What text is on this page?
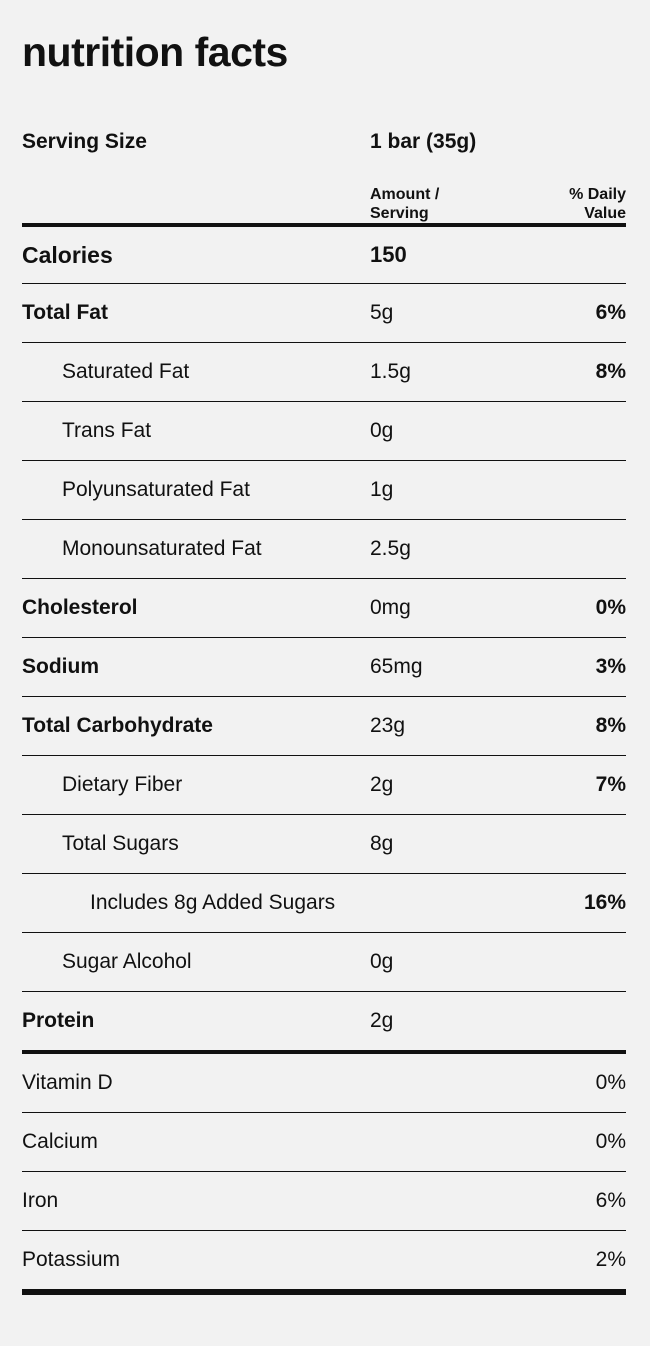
nutrition facts
Serving Size	1 bar (35g)	

Amount /
Serving

% Daily
Value

Calories	150	
Total Fat	5g	6%
Saturated Fat	1.5g	8%
Trans Fat	0g	
Polyunsaturated Fat	1g	
Monounsaturated Fat	2.5g	
Cholesterol	0mg	0%
Sodium	65mg	3%
Total Carbohydrate	23g	8%
Dietary Fiber	2g	7%
Total Sugars	8g	
Includes 8g Added Sugars		16%
Sugar Alcohol	0g	
Protein	2g	
Vitamin D		0%
Calcium		0%
Iron		6%
Potassium		2%
